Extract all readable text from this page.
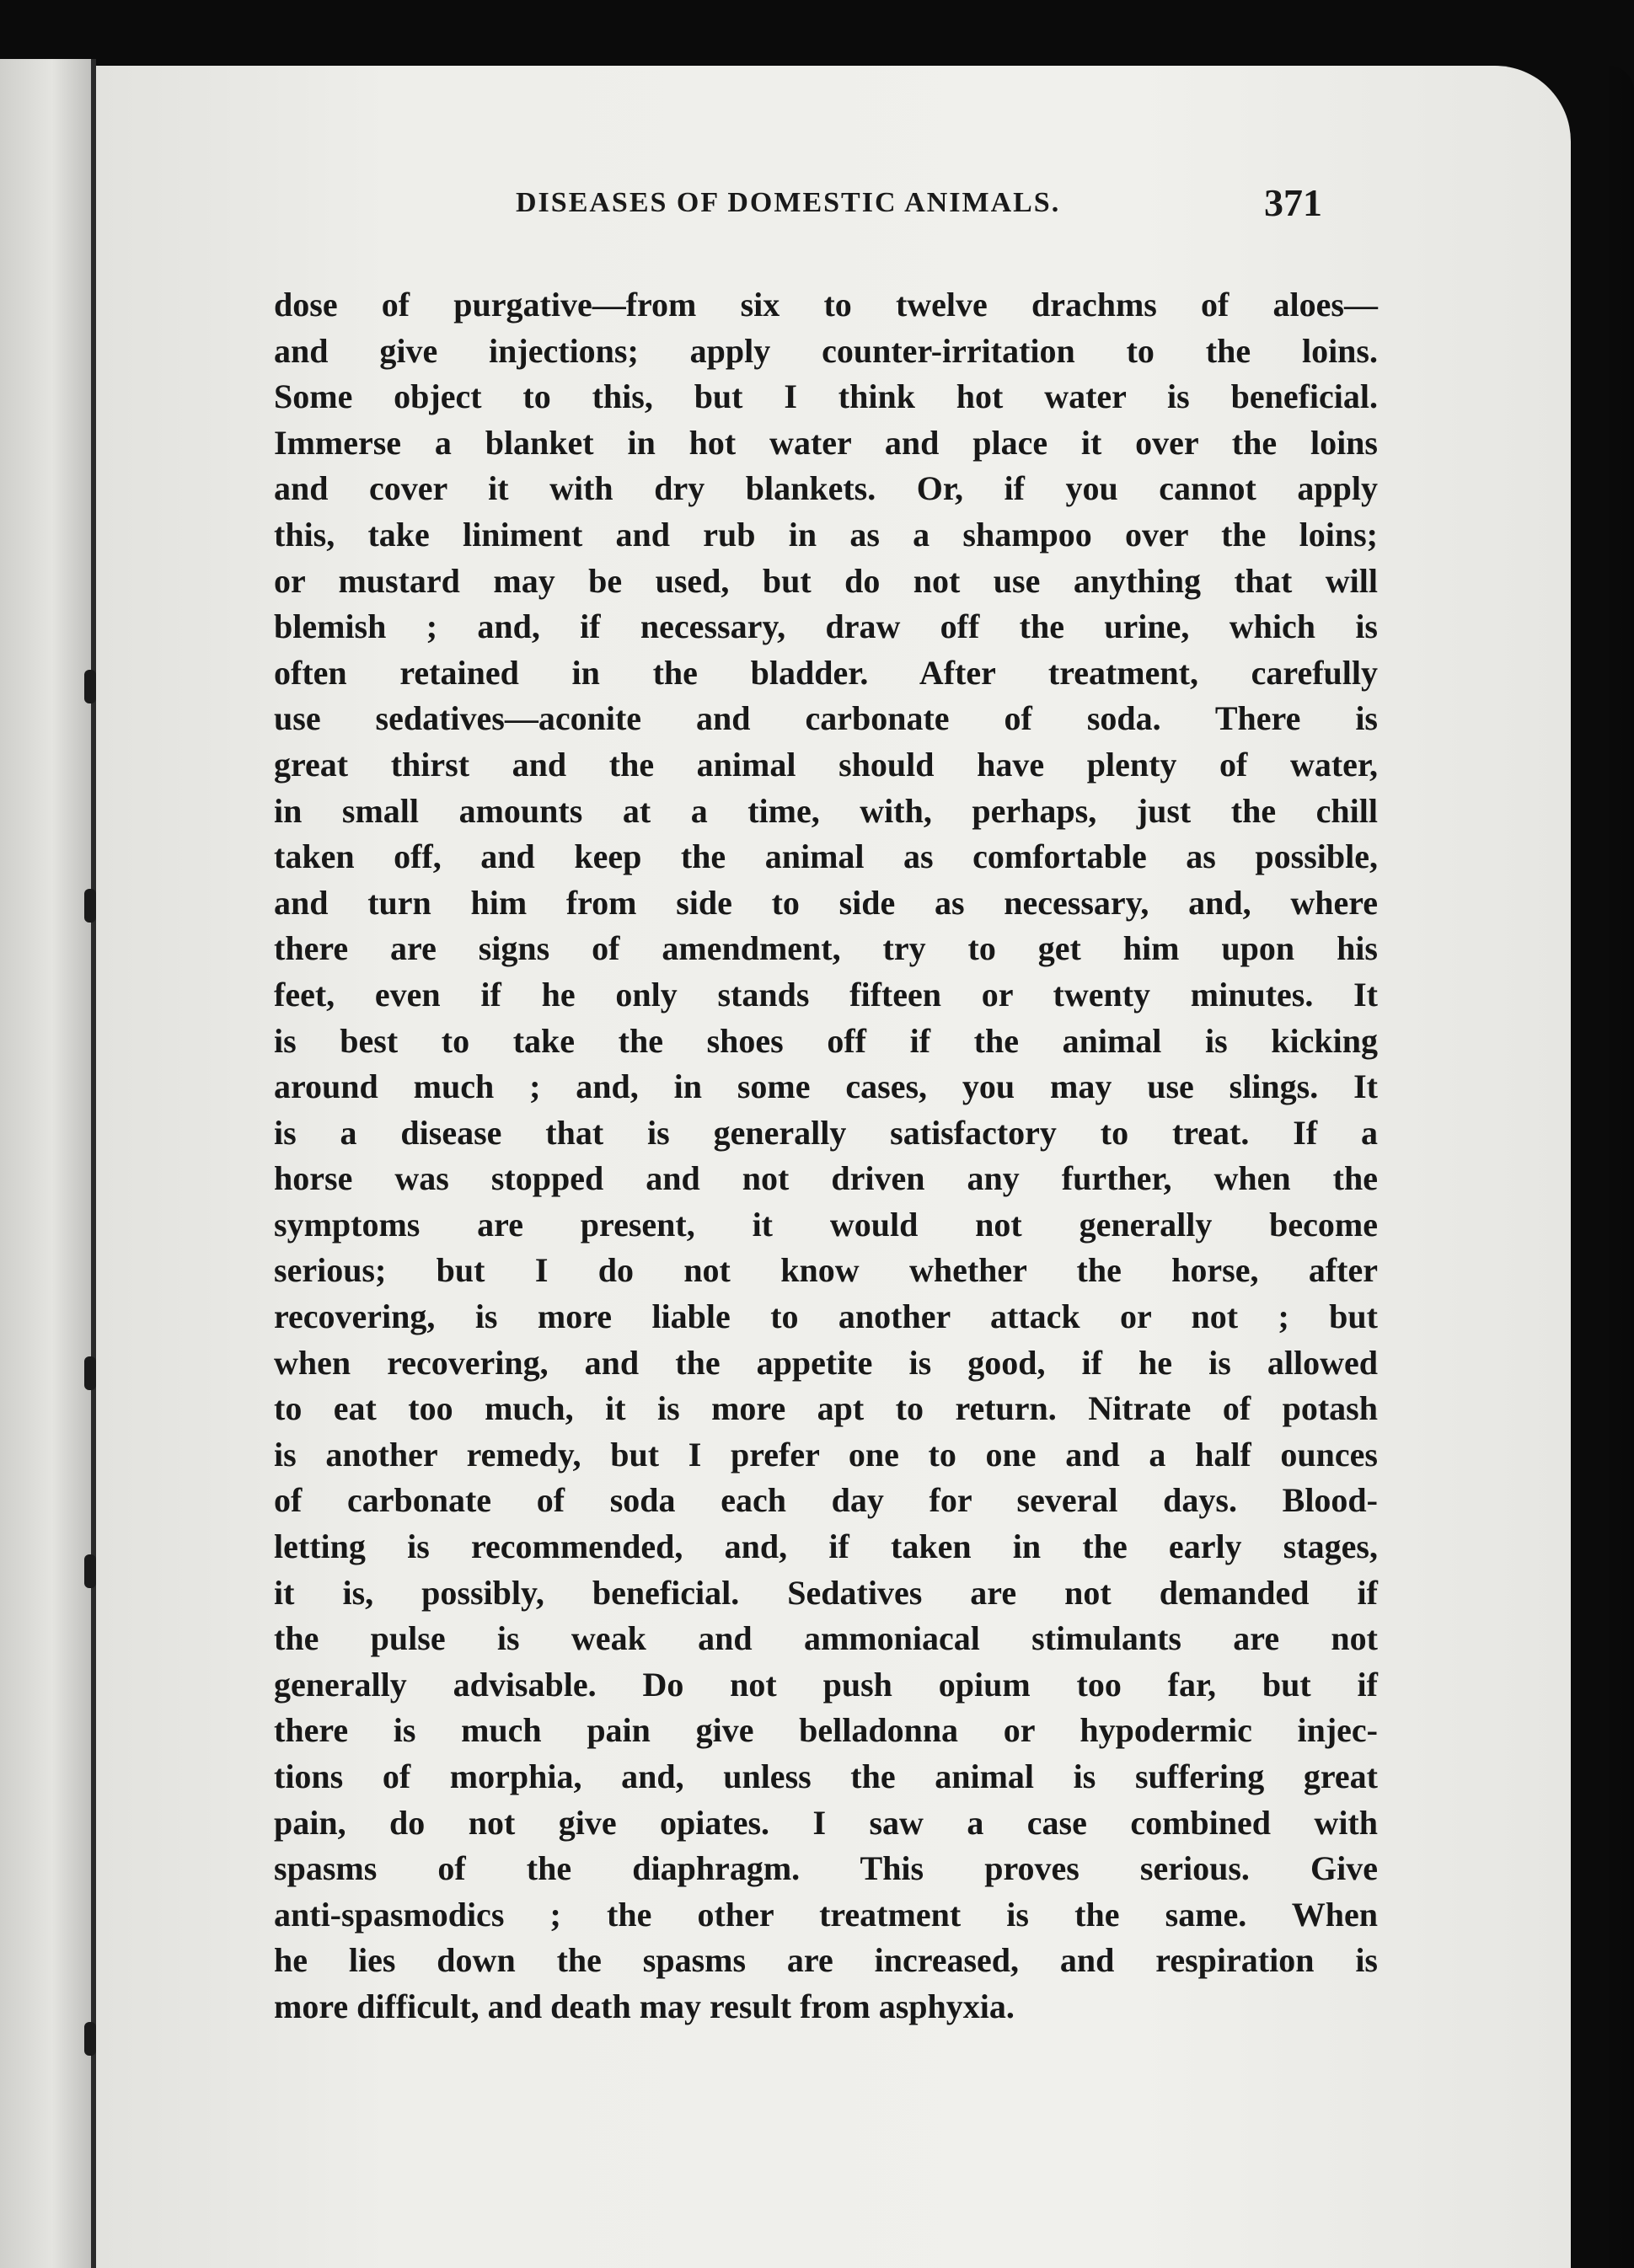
DISEASES OF DOMESTIC ANIMALS.	371
dose of purgative—from six to twelve drachms of aloes—
and give injections; apply counter-irritation to the loins.
Some object to this, but I think hot water is beneficial.
Immerse a blanket in hot water and place it over the loins
and cover it with dry blankets. Or, if you cannot apply
this, take liniment and rub in as a shampoo over the loins;
or mustard may be used, but do not use anything that will
blemish ; and, if necessary, draw off the urine, which is
often retained in the bladder. After treatment, carefully
use sedatives—aconite and carbonate of soda. There is
great thirst and the animal should have plenty of water,
in small amounts at a time, with, perhaps, just the chill
taken off, and keep the animal as comfortable as possible,
and turn him from side to side as necessary, and, where
there are signs of amendment, try to get him upon his
feet, even if he only stands fifteen or twenty minutes. It
is best to take the shoes off if the animal is kicking
around much ; and, in some cases, you may use slings. It
is a disease that is generally satisfactory to treat. If a
horse was stopped and not driven any further, when the
symptoms are present, it would not generally become
serious; but I do not know whether the horse, after
recovering, is more liable to another attack or not ; but
when recovering, and the appetite is good, if he is allowed
to eat too much, it is more apt to return. Nitrate of potash
is another remedy, but I prefer one to one and a half ounces
of carbonate of soda each day for several days. Blood-
letting is recommended, and, if taken in the early stages,
it is, possibly, beneficial. Sedatives are not demanded if
the pulse is weak and ammoniacal stimulants are not
generally advisable. Do not push opium too far, but if
there is much pain give belladonna or hypodermic injec-
tions of morphia, and, unless the animal is suffering great
pain, do not give opiates. I saw a case combined with
spasms of the diaphragm. This proves serious. Give
anti-spasmodics ; the other treatment is the same. When
he lies down the spasms are increased, and respiration is
more difficult, and death may result from asphyxia.
